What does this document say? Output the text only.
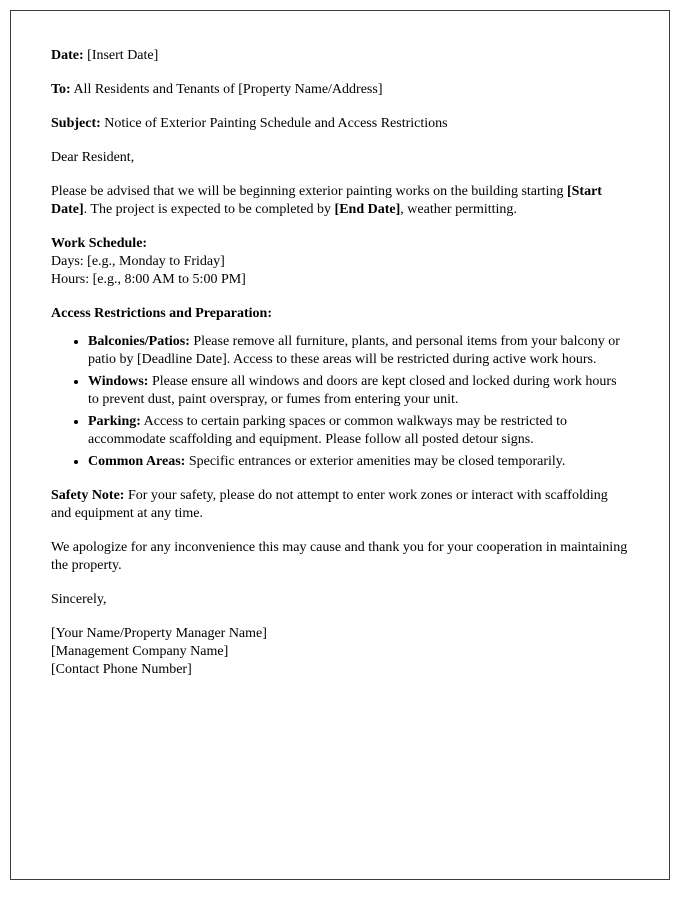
Date: [Insert Date]

To: All Residents and Tenants of [Property Name/Address]

Subject: Notice of Exterior Painting Schedule and Access Restrictions

Dear Resident,

Please be advised that we will be beginning exterior painting works on the building starting [Start Date]. The project is expected to be completed by [End Date], weather permitting.

Work Schedule:

Days: [e.g., Monday to Friday]

Hours: [e.g., 8:00 AM to 5:00 PM]

Access Restrictions and Preparation:

• Balconies/Patios: Please remove all furniture, plants, and personal items from your balcony or patio by [Deadline Date]. Access to these areas will be restricted during active work hours.
• Windows: Please ensure all windows and doors are kept closed and locked during work hours to prevent dust, paint overspray, or fumes from entering your unit.
• Parking: Access to certain parking spaces or common walkways may be restricted to accommodate scaffolding and equipment. Please follow all posted detour signs.
• Common Areas: Specific entrances or exterior amenities may be closed temporarily.

Safety Note: For your safety, please do not attempt to enter work zones or interact with scaffolding and equipment at any time.

We apologize for any inconvenience this may cause and thank you for your cooperation in maintaining the property.

Sincerely,

[Your Name/Property Manager Name]

[Management Company Name]

[Contact Phone Number]
